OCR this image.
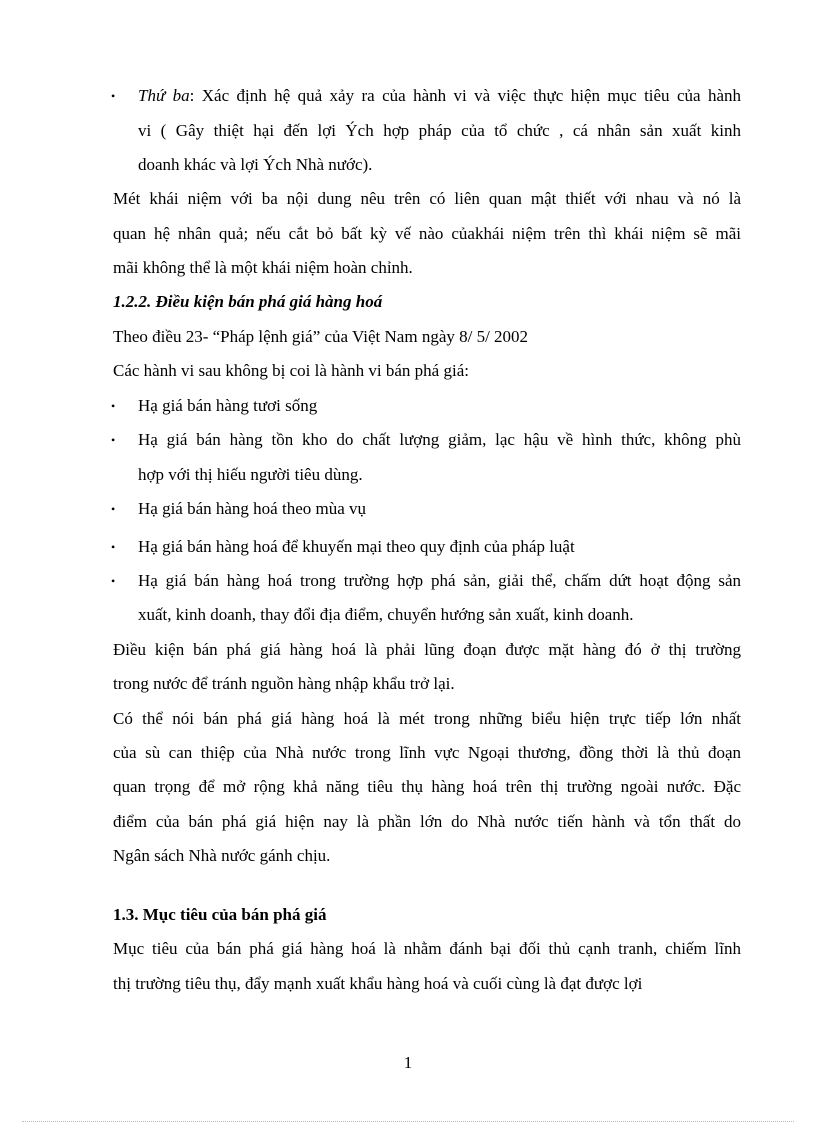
• Thứ ba: Xác định hệ quả xảy ra của hành vi và việc thực hiện mục tiêu của hành
vi ( Gây thiệt hại đến lợi Ých hợp pháp của tổ chức , cá nhân sản xuất kinh
doanh khác và lợi Ých Nhà nước).
Mét khái niệm với ba nội dung nêu trên có liên quan mật thiết với nhau và nó là
quan hệ nhân quả; nếu cắt bỏ bất kỳ vế nào củakhái niệm trên thì khái niệm sẽ mãi
mãi không thể là một khái niệm hoàn chỉnh.
1.2.2. Điều kiện bán phá giá hàng hoá
Theo điều 23- “Pháp lệnh giá” của Việt Nam ngày 8/ 5/ 2002
Các hành vi sau không bị coi là hành vi bán phá giá:
• Hạ giá bán hàng tươi sống
• Hạ giá bán hàng tồn kho do chất lượng giảm, lạc hậu về hình thức, không phù
hợp với thị hiếu người tiêu dùng.
• Hạ giá bán hàng hoá theo mùa vụ
• Hạ giá bán hàng hoá để khuyến mại theo quy định của pháp luật
• Hạ giá bán hàng hoá trong trường hợp phá sản, giải thể, chấm dứt hoạt động sản
xuất, kinh doanh, thay đổi địa điểm, chuyển hướng sản xuất, kinh doanh.
Điều kiện bán phá giá hàng hoá là phải lũng đoạn được mặt hàng đó ở thị trường
trong nước để tránh nguồn hàng nhập khẩu trở lại.
Có thể nói bán phá giá hàng hoá là mét trong những biểu hiện trực tiếp lớn nhất
của sù can thiệp của Nhà nước trong lĩnh vực Ngoại thương, đồng thời là thủ đoạn
quan trọng để mở rộng khả năng tiêu thụ hàng hoá trên thị trường ngoài nước. Đặc
điểm của bán phá giá hiện nay là phần lớn do Nhà nước tiến hành và tổn thất do
Ngân sách Nhà nước gánh chịu.
1.3. Mục tiêu của bán phá giá
Mục tiêu của bán phá giá hàng hoá là nhằm đánh bại đối thủ cạnh tranh, chiếm lĩnh
thị trường tiêu thụ, đẩy mạnh xuất khẩu hàng hoá và cuối cùng là đạt được lợi
1
